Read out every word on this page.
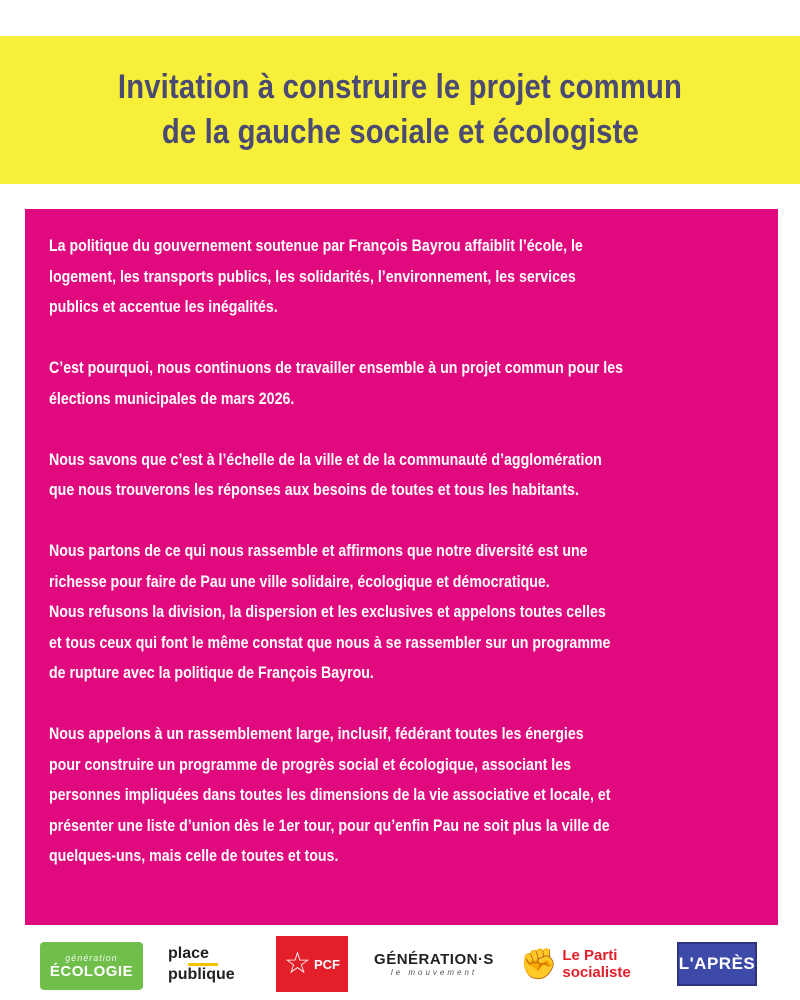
Invitation à construire le projet commun
de la gauche sociale et écologiste
La politique du gouvernement soutenue par François Bayrou affaiblit l’école, le
logement, les transports publics, les solidarités, l’environnement, les services
publics et accentue les inégalités.
C’est pourquoi, nous continuons de travailler ensemble à un projet commun pour les
élections municipales de mars 2026.
Nous savons que c’est à l’échelle de la ville et de la communauté d’agglomération
que nous trouverons les réponses aux besoins de toutes et tous les habitants.
Nous partons de ce qui nous rassemble et affirmons que notre diversité est une
richesse pour faire de Pau une ville solidaire, écologique et démocratique.
Nous refusons la division, la dispersion et les exclusives et appelons toutes celles
et tous ceux qui font le même constat que nous à se rassembler sur un programme
de rupture avec la politique de François Bayrou.
Nous appelons à un rassemblement large, inclusif, fédérant toutes les énergies
pour construire un programme de progrès social et écologique, associant les
personnes impliquées dans toutes les dimensions de la vie associative et locale, et
présenter une liste d’union dès le 1er tour, pour qu’enfin Pau ne soit plus la ville de
quelques-uns, mais celle de toutes et tous.
génération
ÉCOLOGIE
place
publique ☆ PCF GÉNÉRATION·S
le mouvement ✊ Le Parti
socialiste	L'APRÈS
